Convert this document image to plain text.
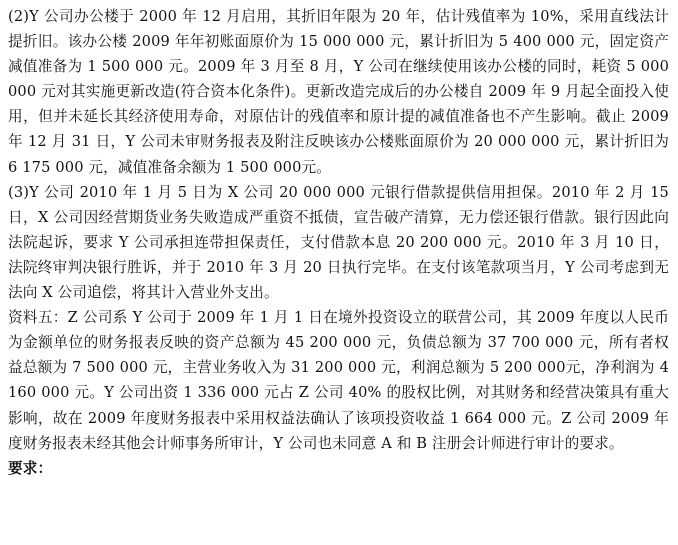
(2)Y 公司办公楼于 2000 年 12 月启用，其折旧年限为 20 年，估计残值率为 10%，采用直线法计提折旧。该办公楼 2009 年年初账面原价为 15 000 000 元，累计折旧为 5 400 000 元，固定资产减值准备为 1 500 000 元。2009 年 3 月至 8 月，Y 公司在继续使用该办公楼的同时，耗资 5 000 000 元对其实施更新改造(符合资本化条件)。更新改造完成后的办公楼自 2009 年 9 月起全面投入使用，但并未延长其经济使用寿命，对原估计的残值率和原计提的减值准备也不产生影响。截止 2009 年 12 月 31 日，Y 公司未审财务报表及附注反映该办公楼账面原价为 20 000 000 元，累计折旧为 6 175 000 元，减值准备余额为 1 500 000元。

(3)Y 公司 2010 年 1 月 5 日为 X 公司 20 000 000 元银行借款提供信用担保。2010 年 2 月 15 日，X 公司因经营期货业务失败造成严重资不抵债，宣告破产清算，无力偿还银行借款。银行因此向法院起诉，要求 Y 公司承担连带担保责任，支付借款本息 20 200 000 元。2010 年 3 月 10 日，法院终审判决银行胜诉，并于 2010 年 3 月 20 日执行完毕。在支付该笔款项当月，Y 公司考虑到无法向 X 公司追偿，将其计入营业外支出。

资料五：Z 公司系 Y 公司于 2009 年 1 月 1 日在境外投资设立的联营公司，其 2009 年度以人民币为金额单位的财务报表反映的资产总额为 45 200 000 元，负债总额为 37 700 000 元，所有者权益总额为 7 500 000 元，主营业务收入为 31 200 000 元，利润总额为 5 200 000元，净利润为 4 160 000 元。Y 公司出资 1 336 000 元占 Z 公司 40% 的股权比例，对其财务和经营决策具有重大影响，故在 2009 年度财务报表中采用权益法确认了该项投资收益 1 664 000 元。Z 公司 2009 年度财务报表未经其他会计师事务所审计，Y 公司也未同意 A 和 B 注册会计师进行审计的要求。

要求：
